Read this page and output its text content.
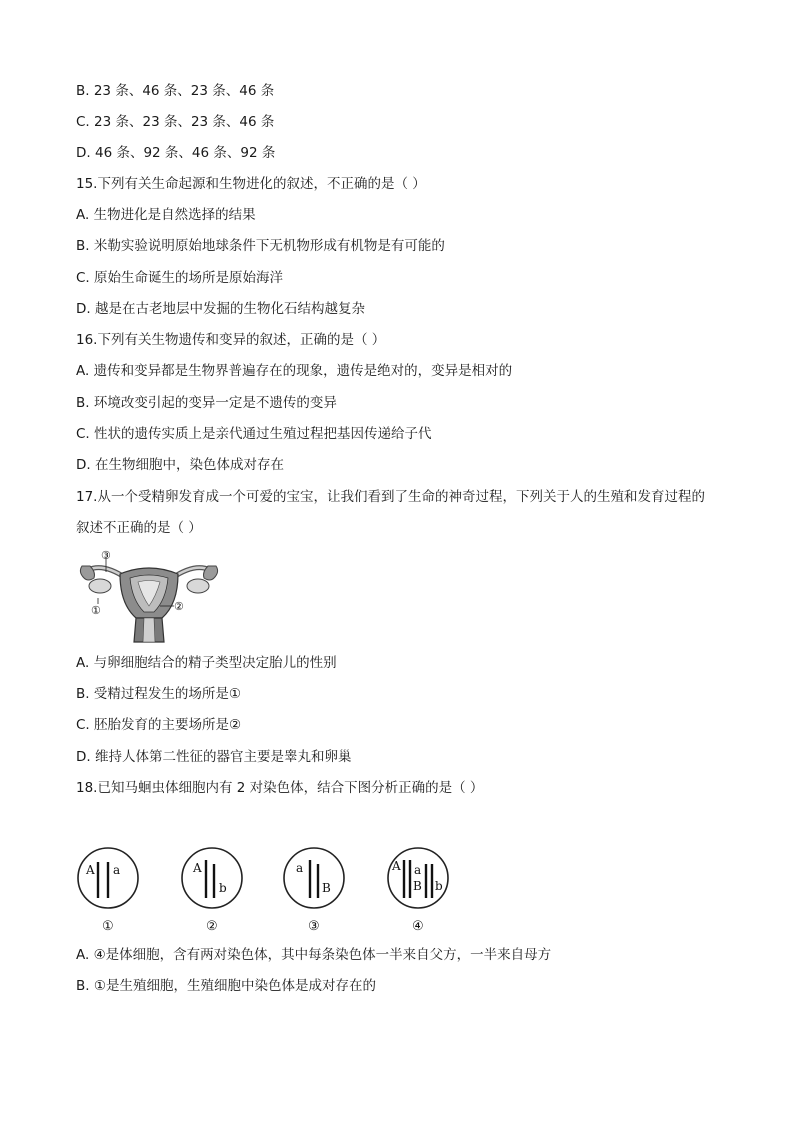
B. 23 条、46 条、23 条、46 条
C. 23 条、23 条、23 条、46 条
D. 46 条、92 条、46 条、92 条
15.下列有关生命起源和生物进化的叙述，不正确的是（ ）
A. 生物进化是自然选择的结果
B. 米勒实验说明原始地球条件下无机物形成有机物是有可能的
C. 原始生命诞生的场所是原始海洋
D. 越是在古老地层中发掘的生物化石结构越复杂
16.下列有关生物遗传和变异的叙述，正确的是（ ）
A. 遗传和变异都是生物界普遍存在的现象，遗传是绝对的，变异是相对的
B. 环境改变引起的变异一定是不遗传的变异
C. 性状的遗传实质上是亲代通过生殖过程把基因传递给子代
D. 在生物细胞中，染色体成对存在
17.从一个受精卵发育成一个可爱的宝宝，让我们看到了生命的神奇过程，下列关于人的生殖和发育过程的
叙述不正确的是（ ）
③
①	②
A. 与卵细胞结合的精子类型决定胎儿的性别
B. 受精过程发生的场所是①
C. 胚胎发育的主要场所是②
D. 维持人体第二性征的器官主要是睾丸和卵巢
18.已知马蛔虫体细胞内有 2 对染色体，结合下图分析正确的是（ ）
A a
①
A
b
②
a
B
③
A a
B b
④
A. ④是体细胞，含有两对染色体，其中每条染色体一半来自父方，一半来自母方
B. ①是生殖细胞，生殖细胞中染色体是成对存在的
